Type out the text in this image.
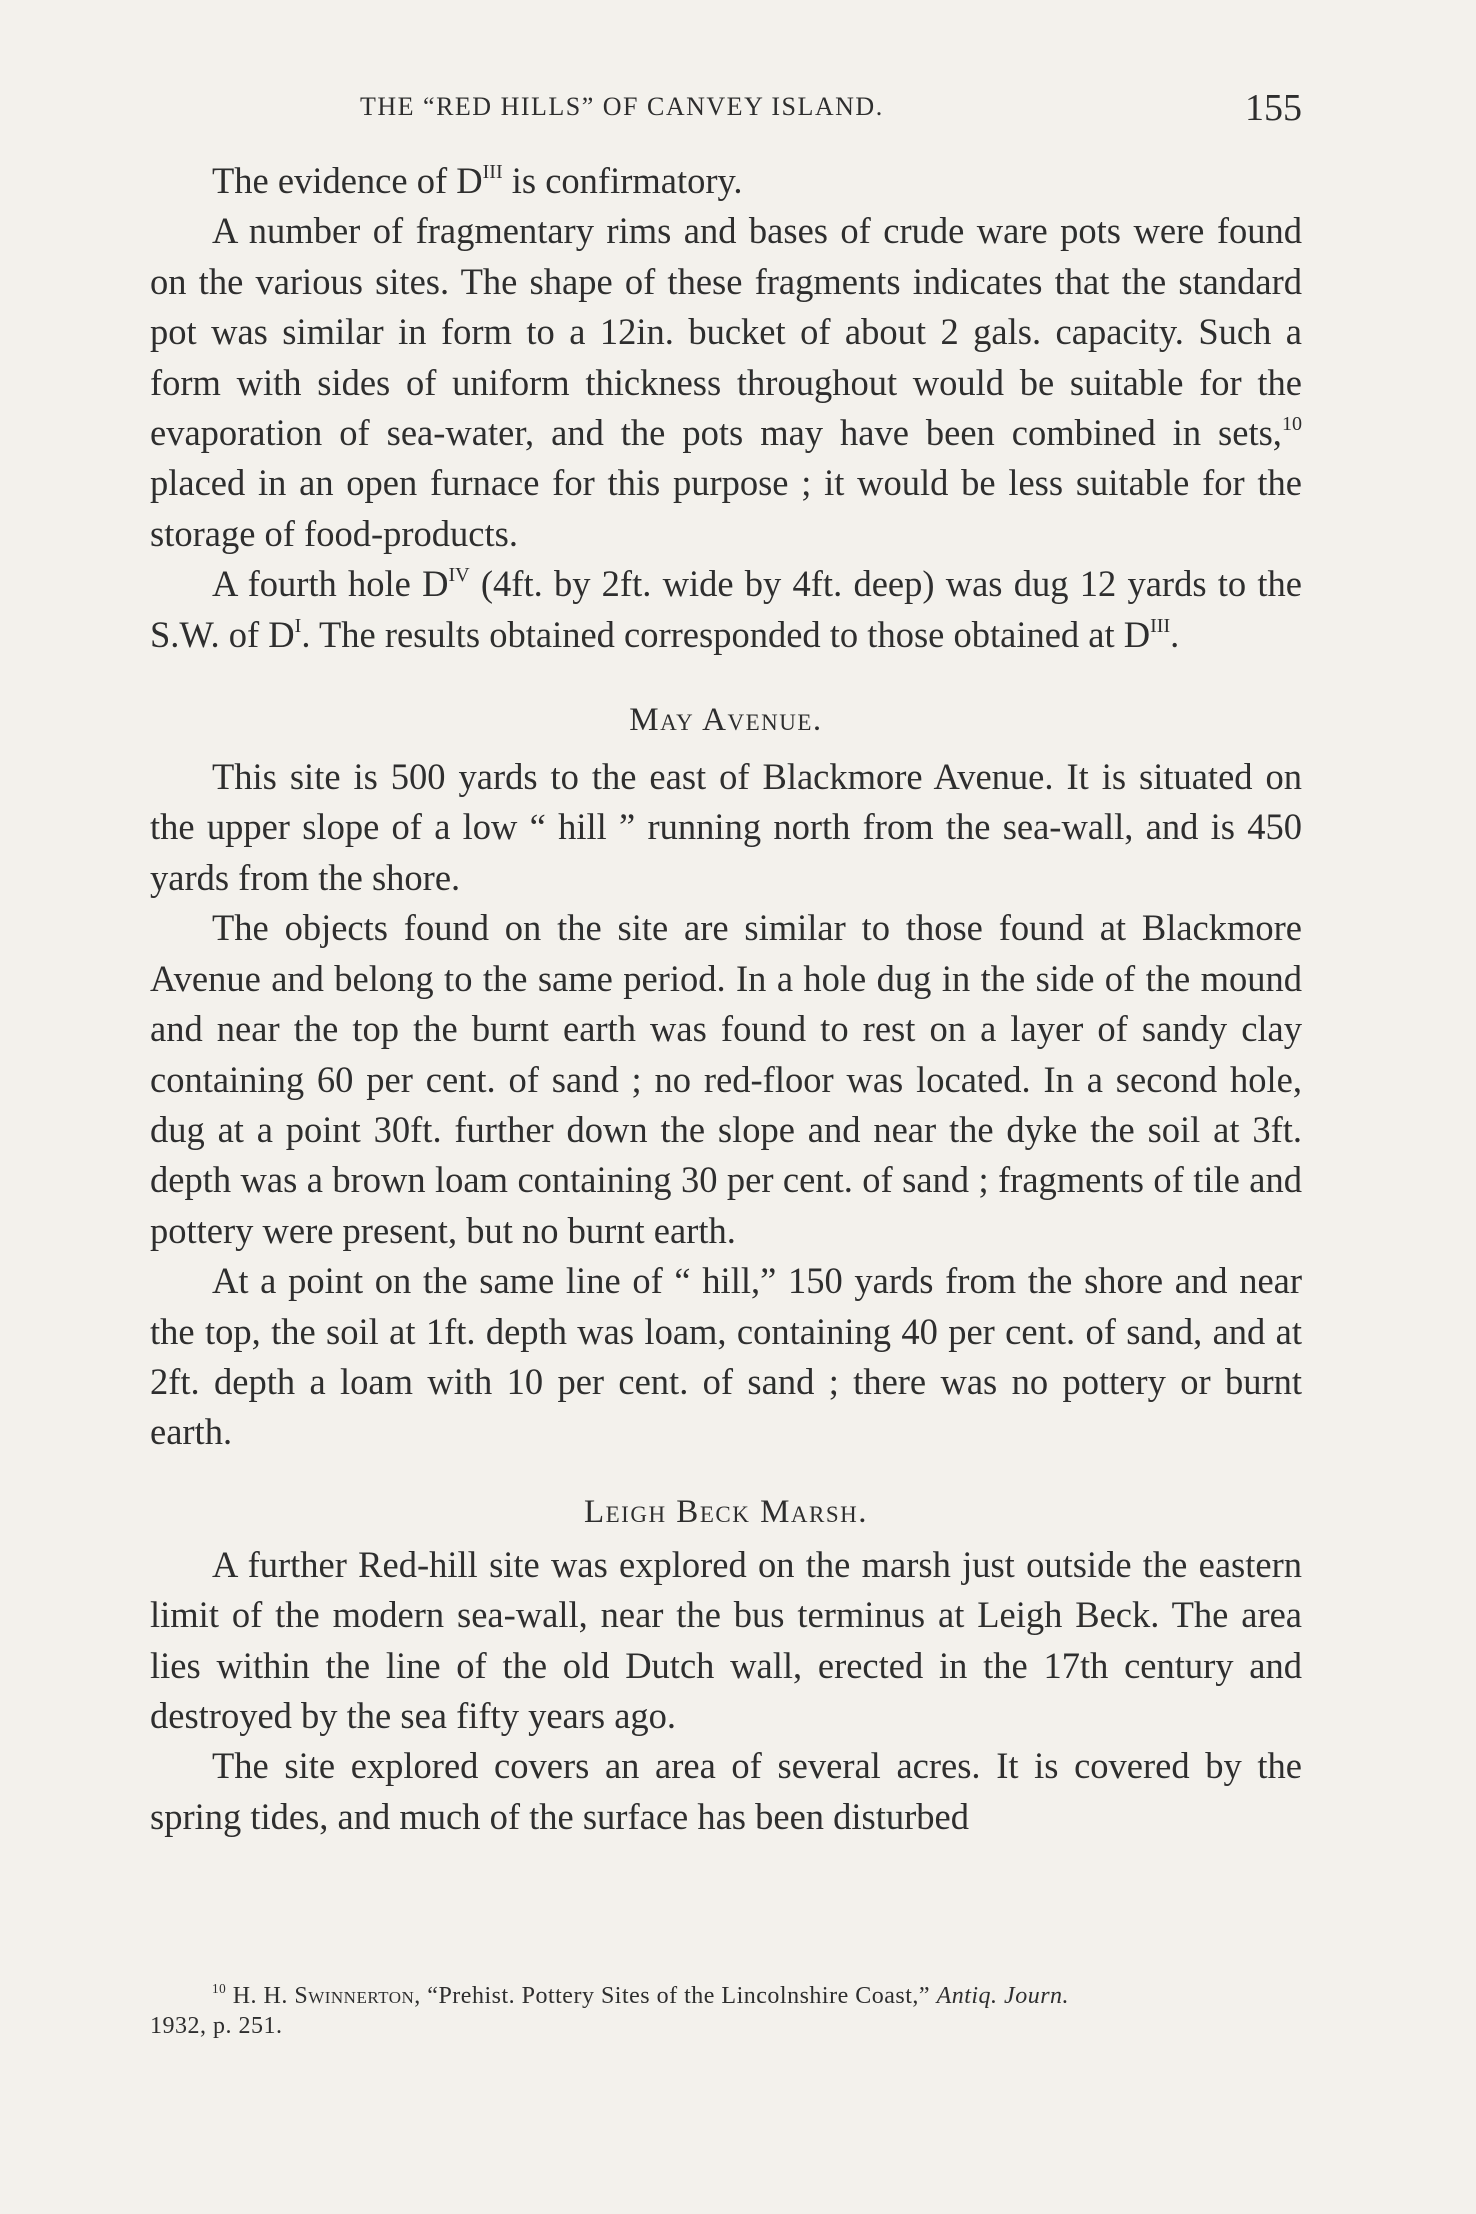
THE “RED HILLS” OF CANVEY ISLAND.	155

The evidence of $D^{III}$ is confirmatory.

A number of fragmentary rims and bases of crude ware pots were found on the various sites. The shape of these fragments indicates that the standard pot was similar in form to a 12in. bucket of about 2 gals. capacity. Such a form with sides of uniform thickness throughout would be suitable for the evaporation of sea-water, and the pots may have been combined in sets,$^{10}$ placed in an open furnace for this purpose ; it would be less suitable for the storage of food-products.

A fourth hole $D^{IV}$ (4ft. by 2ft. wide by 4ft. deep) was dug 12 yards to the S.W. of $D^I$. The results obtained corresponded to those obtained at $D^{III}$.

May Avenue.

This site is 500 yards to the east of Blackmore Avenue. It is situated on the upper slope of a low “ hill ” running north from the sea-wall, and is 450 yards from the shore.

The objects found on the site are similar to those found at Blackmore Avenue and belong to the same period. In a hole dug in the side of the mound and near the top the burnt earth was found to rest on a layer of sandy clay containing 60 per cent. of sand ; no red-floor was located. In a second hole, dug at a point 30ft. further down the slope and near the dyke the soil at 3ft. depth was a brown loam containing 30 per cent. of sand ; fragments of tile and pottery were present, but no burnt earth.

At a point on the same line of “ hill,” 150 yards from the shore and near the top, the soil at 1ft. depth was loam, containing 40 per cent. of sand, and at 2ft. depth a loam with 10 per cent. of sand ; there was no pottery or burnt earth.

Leigh Beck Marsh.

A further Red-hill site was explored on the marsh just outside the eastern limit of the modern sea-wall, near the bus terminus at Leigh Beck. The area lies within the line of the old Dutch wall, erected in the 17th century and destroyed by the sea fifty years ago.

The site explored covers an area of several acres. It is covered by the spring tides, and much of the surface has been disturbed

$^{10}$ H. H. Swinnerton, “Prehist. Pottery Sites of the Lincolnshire Coast,” Antiq. Journ.

1932, p. 251.
